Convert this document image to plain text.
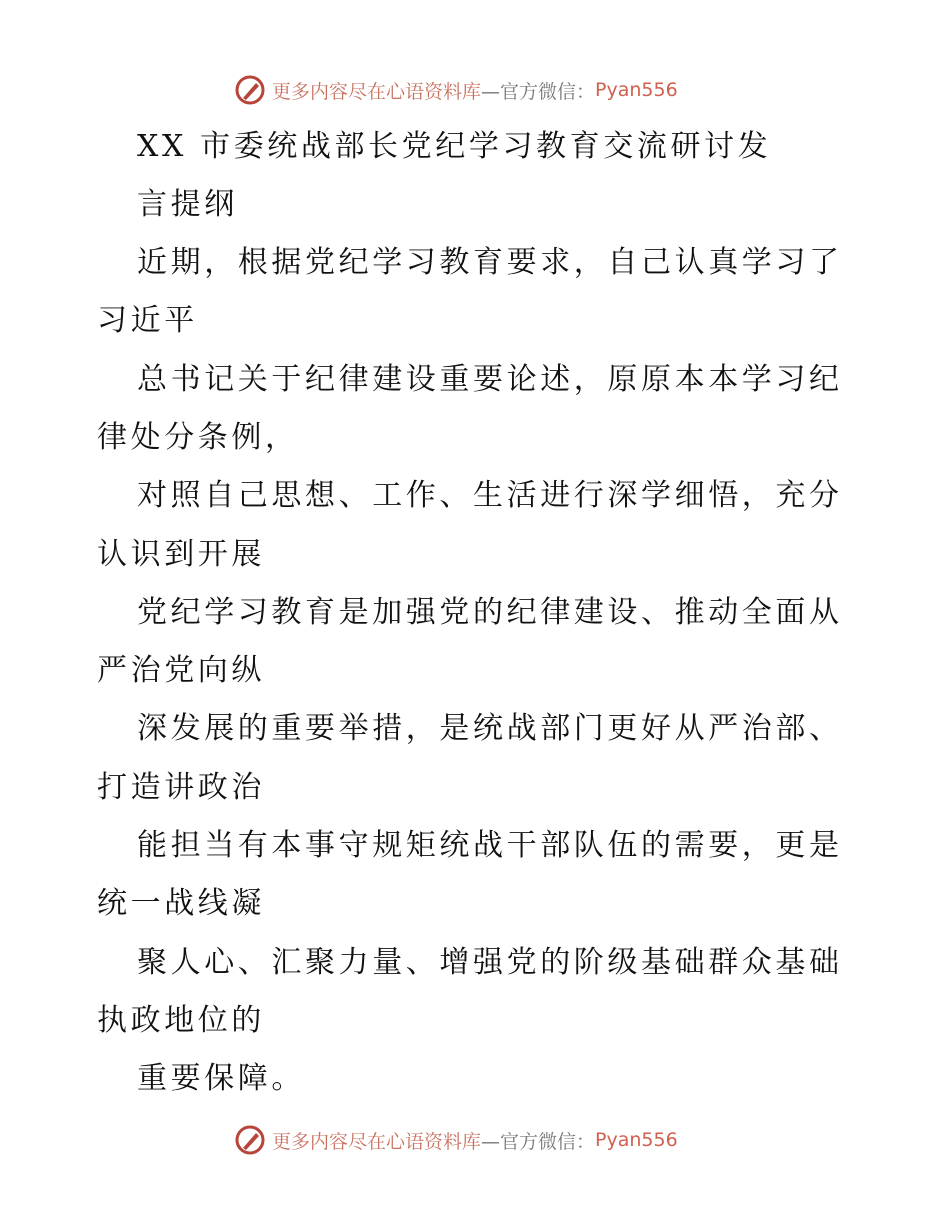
更多内容尽在心语资料库 —官方微信： Pyan556
XX 市委统战部长党纪学习教育交流研讨发
言提纲
近期，根据党纪学习教育要求，自己认真学习了
习近平
总书记关于纪律建设重要论述，原原本本学习纪
律处分条例，
对照自己思想、工作、生活进行深学细悟，充分
认识到开展
党纪学习教育是加强党的纪律建设、推动全面从
严治党向纵
深发展的重要举措，是统战部门更好从严治部、
打造讲政治
能担当有本事守规矩统战干部队伍的需要，更是
统一战线凝
聚人心、汇聚力量、增强党的阶级基础群众基础
执政地位的
重要保障。
更多内容尽在心语资料库 —官方微信： Pyan556
